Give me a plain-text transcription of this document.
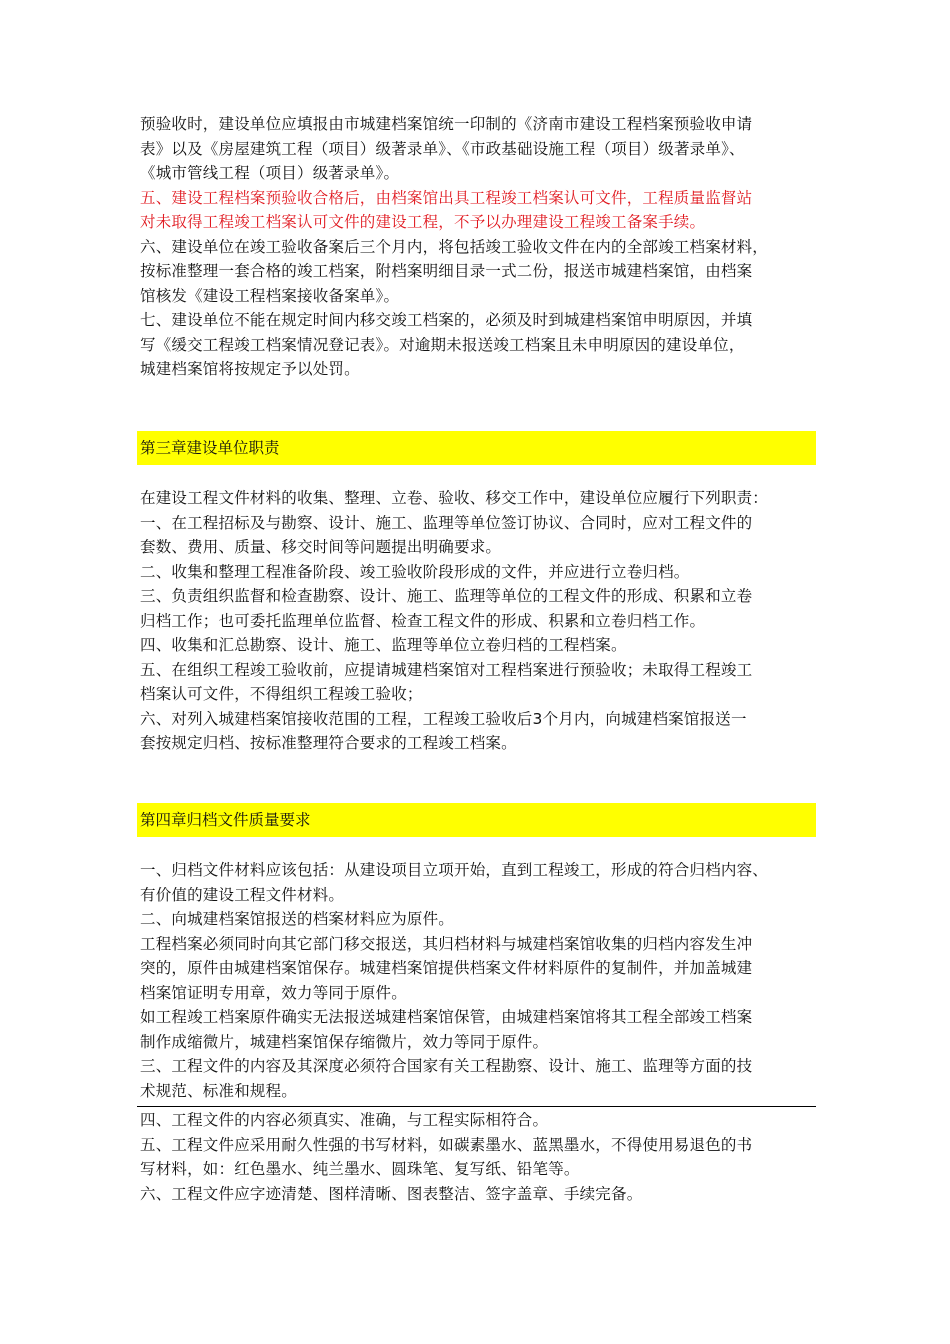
预验收时，建设单位应填报由市城建档案馆统一印制的《济南市建设工程档案预验收申请
表》以及《房屋建筑工程（项目）级著录单》、《市政基础设施工程（项目）级著录单》、
《城市管线工程（项目）级著录单》。
五、建设工程档案预验收合格后，由档案馆出具工程竣工档案认可文件，工程质量监督站
对未取得工程竣工档案认可文件的建设工程，不予以办理建设工程竣工备案手续。
六、建设单位在竣工验收备案后三个月内，将包括竣工验收文件在内的全部竣工档案材料，
按标准整理一套合格的竣工档案，附档案明细目录一式二份，报送市城建档案馆，由档案
馆核发《建设工程档案接收备案单》。
七、建设单位不能在规定时间内移交竣工档案的，必须及时到城建档案馆申明原因，并填
写《缓交工程竣工档案情况登记表》。对逾期未报送竣工档案且未申明原因的建设单位，
城建档案馆将按规定予以处罚。
第三章建设单位职责
在建设工程文件材料的收集、整理、立卷、验收、移交工作中，建设单位应履行下列职责：
一、在工程招标及与勘察、设计、施工、监理等单位签订协议、合同时，应对工程文件的
套数、费用、质量、移交时间等问题提出明确要求。
二、收集和整理工程准备阶段、竣工验收阶段形成的文件，并应进行立卷归档。
三、负责组织监督和检查勘察、设计、施工、监理等单位的工程文件的形成、积累和立卷
归档工作；也可委托监理单位监督、检查工程文件的形成、积累和立卷归档工作。
四、收集和汇总勘察、设计、施工、监理等单位立卷归档的工程档案。
五、在组织工程竣工验收前，应提请城建档案馆对工程档案进行预验收；未取得工程竣工
档案认可文件，不得组织工程竣工验收；
六、对列入城建档案馆接收范围的工程，工程竣工验收后3个月内，向城建档案馆报送一
套按规定归档、按标准整理符合要求的工程竣工档案。
第四章归档文件质量要求
一、归档文件材料应该包括：从建设项目立项开始，直到工程竣工，形成的符合归档内容、
有价值的建设工程文件材料。
二、向城建档案馆报送的档案材料应为原件。
工程档案必须同时向其它部门移交报送，其归档材料与城建档案馆收集的归档内容发生冲
突的，原件由城建档案馆保存。城建档案馆提供档案文件材料原件的复制件，并加盖城建
档案馆证明专用章，效力等同于原件。
如工程竣工档案原件确实无法报送城建档案馆保管，由城建档案馆将其工程全部竣工档案
制作成缩微片，城建档案馆保存缩微片，效力等同于原件。
三、工程文件的内容及其深度必须符合国家有关工程勘察、设计、施工、监理等方面的技
术规范、标准和规程。
四、工程文件的内容必须真实、准确，与工程实际相符合。
五、工程文件应采用耐久性强的书写材料，如碳素墨水、蓝黑墨水，不得使用易退色的书
写材料，如：红色墨水、纯兰墨水、圆珠笔、复写纸、铅笔等。
六、工程文件应字迹清楚、图样清晰、图表整洁、签字盖章、手续完备。
